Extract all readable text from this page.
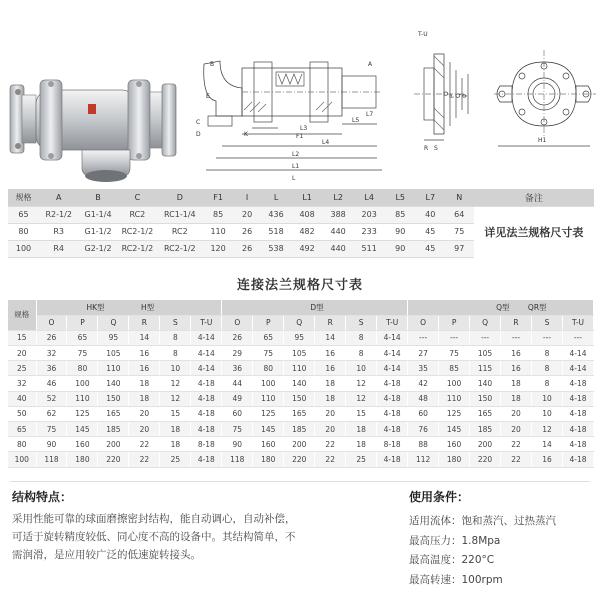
B	A
C
D
E
K	F1
L5
L3
L7
L4
L2
L1
L
T-U
O
P Q φ
R S
H1
规格	A	B	C	D	F1	I	L	L1	L2	L4	L5	L7	N	备注
65	R2-1/2	G1-1/4	RC2	RC1-1/4	85	20	436	408	388	203	85	40	64	详见法兰规格尺寸表
80	R3	G1-1/2	RC2-1/2	RC2	110	26	518	482	440	233	90	45	75	
100	R4	G2-1/2	RC2-1/2	RC2-1/2	120	26	538	492	440	511	90	45	97	
连接法兰规格尺寸表
规格	HK型 H型						D型						Q型 QR型					
	O	P	Q	R	S	T-U	O	P	Q	R	S	T-U	O	P	Q	R	S	T-U
15	26	65	95	14	8	4-14	26	65	95	14	8	4-14	---	---	---	---	---	---
20	32	75	105	16	8	4-14	29	75	105	16	8	4-14	27	75	105	16	8	4-14
25	36	80	110	16	10	4-14	36	80	110	16	10	4-14	35	85	115	16	8	4-14
32	46	100	140	18	12	4-18	44	100	140	18	12	4-18	42	100	140	18	8	4-18
40	52	110	150	18	12	4-18	49	110	150	18	12	4-18	48	110	150	18	10	4-18
50	62	125	165	20	15	4-18	60	125	165	20	15	4-18	60	125	165	20	10	4-18
65	75	145	185	20	18	4-18	75	145	185	20	18	4-18	76	145	185	20	12	4-18
80	90	160	200	22	18	8-18	90	160	200	22	18	8-18	88	160	200	22	14	4-18
100	118	180	220	22	25	4-18	118	180	220	22	25	4-18	112	180	220	22	16	4-18
结构特点：
采用性能可靠的球面磨擦密封结构，能自动调心，自动补偿，
可适于旋转精度较低、同心度不高的设备中。其结构简单，不
需润滑，是应用较广泛的低速旋转接头。
使用条件：
适用流体：饱和蒸汽、过热蒸汽
最高压力：1.8Mpa
最高温度：220°C
最高转速：100rpm
